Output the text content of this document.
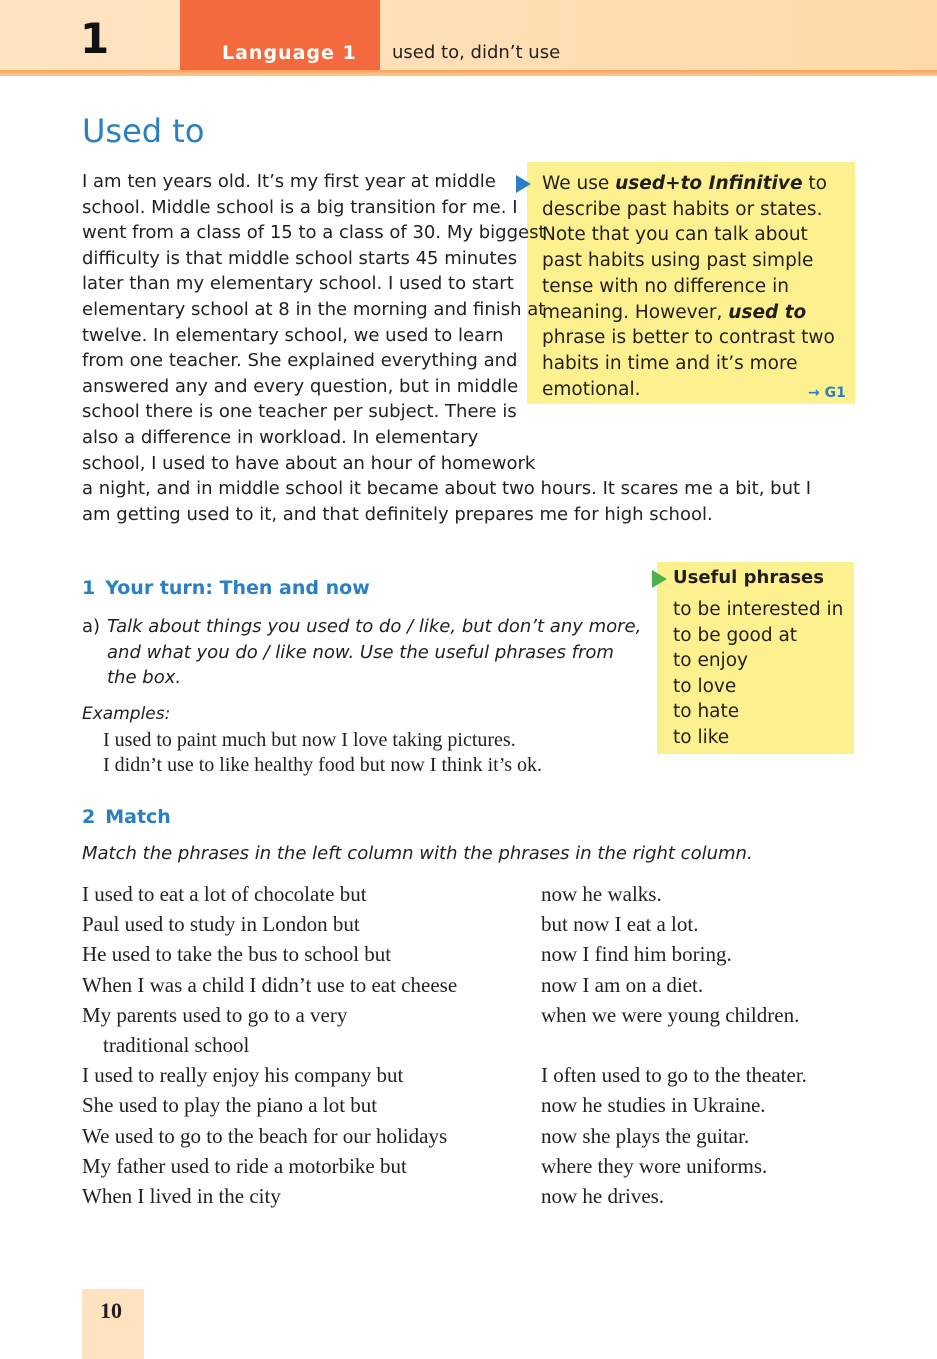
1	Language 1 used to, didn’t use
Used to
We use used+to Infinitive to describe past habits or states. Note that you can talk about past habits using past simple tense with no difference in meaning. However, used to phrase is better to contrast two habits in time and it’s more emotional.	→ G1
I am ten years old. It’s my first year at middle school. Middle school is a big transition for me. I went from a class of 15 to a class of 30. My biggest difficulty is that middle school starts 45 minutes later than my elementary school. I used to start elementary school at 8 in the morning and finish at twelve. In elementary school, we used to learn from one teacher. She explained everything and answered any and every question, but in middle school there is one teacher per subject. There is also a difference in workload. In elementary school, I used to have about an hour of homework a night, and in middle school it became about two hours. It scares me a bit, but I am getting used to it, and that definitely prepares me for high school.
1 Your turn: Then and now
a) Talk about things you used to do / like, but don’t any more, and what you do / like now. Use the useful phrases from the box.
Examples:
I used to paint much but now I love taking pictures.
I didn’t use to like healthy food but now I think it’s ok.
Useful phrases
to be interested in
to be good at
to enjoy
to love
to hate
to like
2 Match
Match the phrases in the left column with the phrases in the right column.
I used to eat a lot of chocolate but
Paul used to study in London but
He used to take the bus to school but
When I was a child I didn’t use to eat cheese
My parents used to go to a very
traditional school
I used to really enjoy his company but
She used to play the piano a lot but
We used to go to the beach for our holidays
My father used to ride a motorbike but
When I lived in the city
now he walks.
but now I eat a lot.
now I find him boring.
now I am on a diet.
when we were young children.
I often used to go to the theater.
now he studies in Ukraine.
now she plays the guitar.
where they wore uniforms.
now he drives.
10
